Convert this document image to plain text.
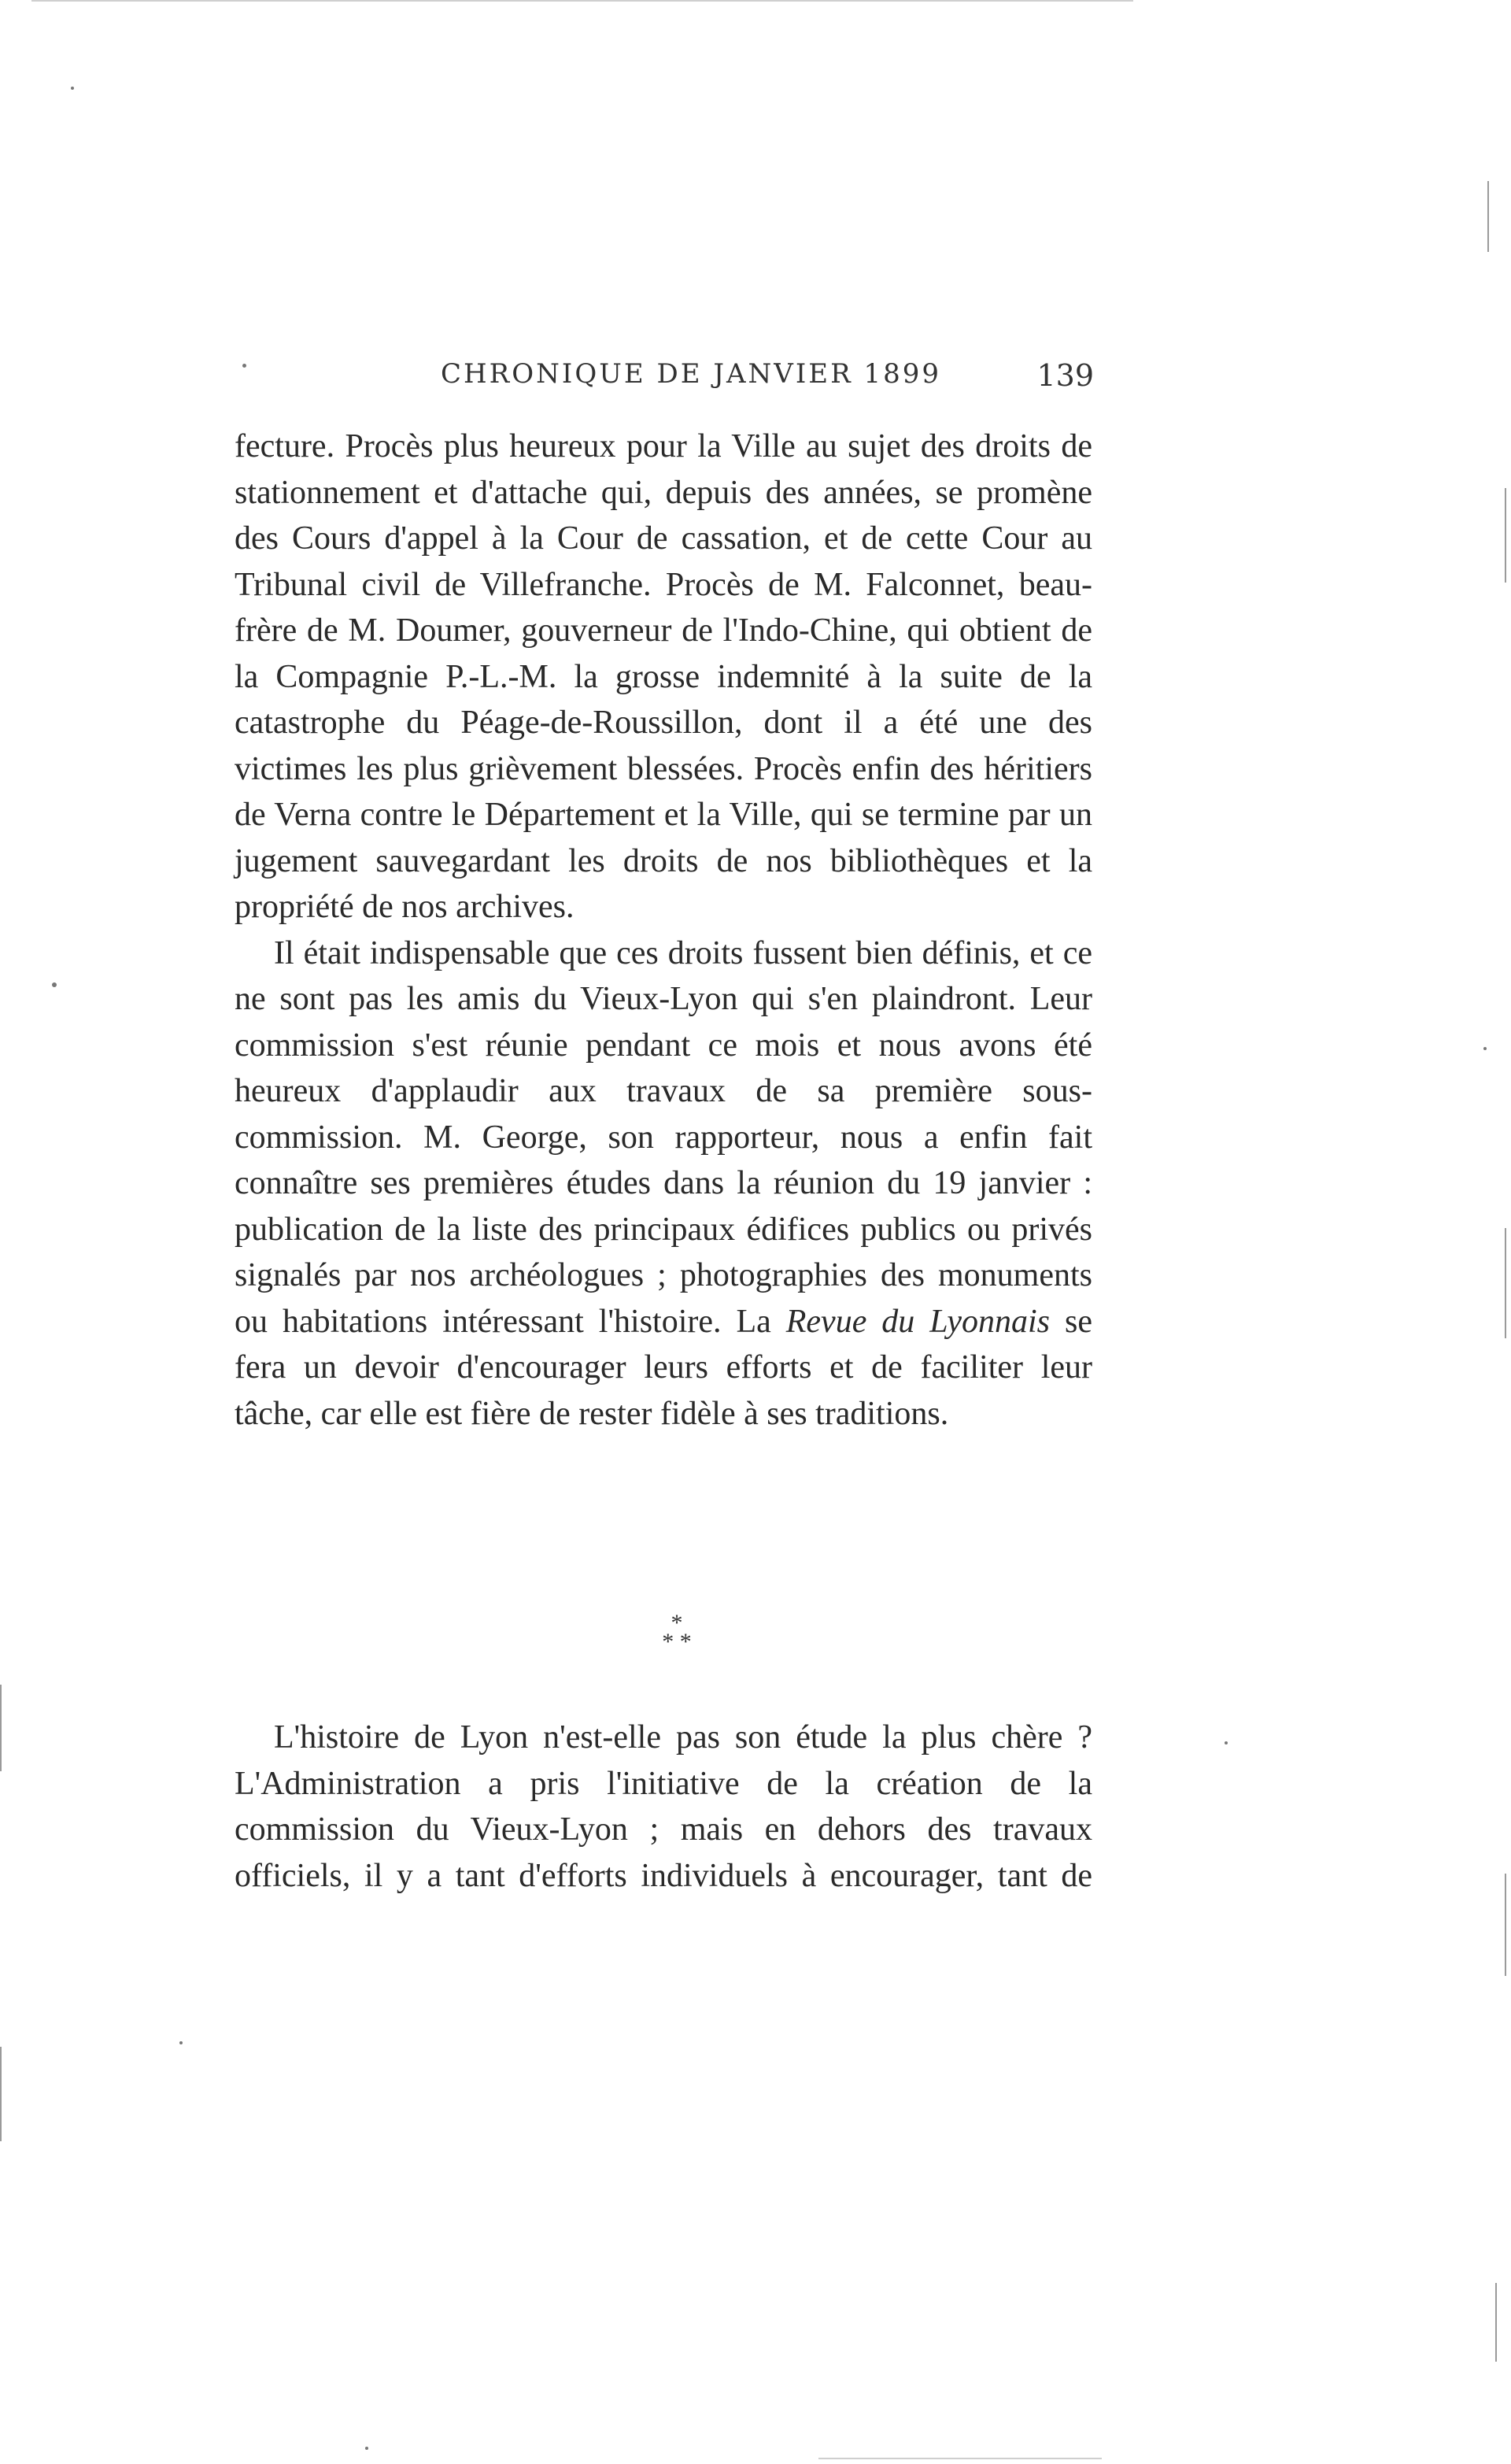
CHRONIQUE DE JANVIER 1899	139

fecture. Procès plus heureux pour la Ville au sujet des droits de stationnement et d'attache qui, depuis des années, se promène des Cours d'appel à la Cour de cassation, et de cette Cour au Tribunal civil de Villefranche. Procès de M. Falconnet, beau-frère de M. Doumer, gouverneur de l'Indo-Chine, qui obtient de la Compagnie P.-L.-M. la grosse indemnité à la suite de la catastrophe du Péage-de-Roussillon, dont il a été une des victimes les plus grièvement blessées. Procès enfin des héritiers de Verna contre le Département et la Ville, qui se termine par un jugement sauvegardant les droits de nos bibliothèques et la propriété de nos archives.

Il était indispensable que ces droits fussent bien définis, et ce ne sont pas les amis du Vieux-Lyon qui s'en plaindront. Leur commission s'est réunie pendant ce mois et nous avons été heureux d'applaudir aux travaux de sa première sous-commission. M. George, son rapporteur, nous a enfin fait connaître ses premières études dans la réunion du 19 janvier : publication de la liste des principaux édifices publics ou privés signalés par nos archéologues ; photographies des monuments ou habitations intéressant l'histoire. La Revue du Lyonnais se fera un devoir d'encourager leurs efforts et de faciliter leur tâche, car elle est fière de rester fidèle à ses traditions.

*
* *

L'histoire de Lyon n'est-elle pas son étude la plus chère ? L'Administration a pris l'initiative de la création de la commission du Vieux-Lyon ; mais en dehors des travaux officiels, il y a tant d'efforts individuels à encourager, tant de
